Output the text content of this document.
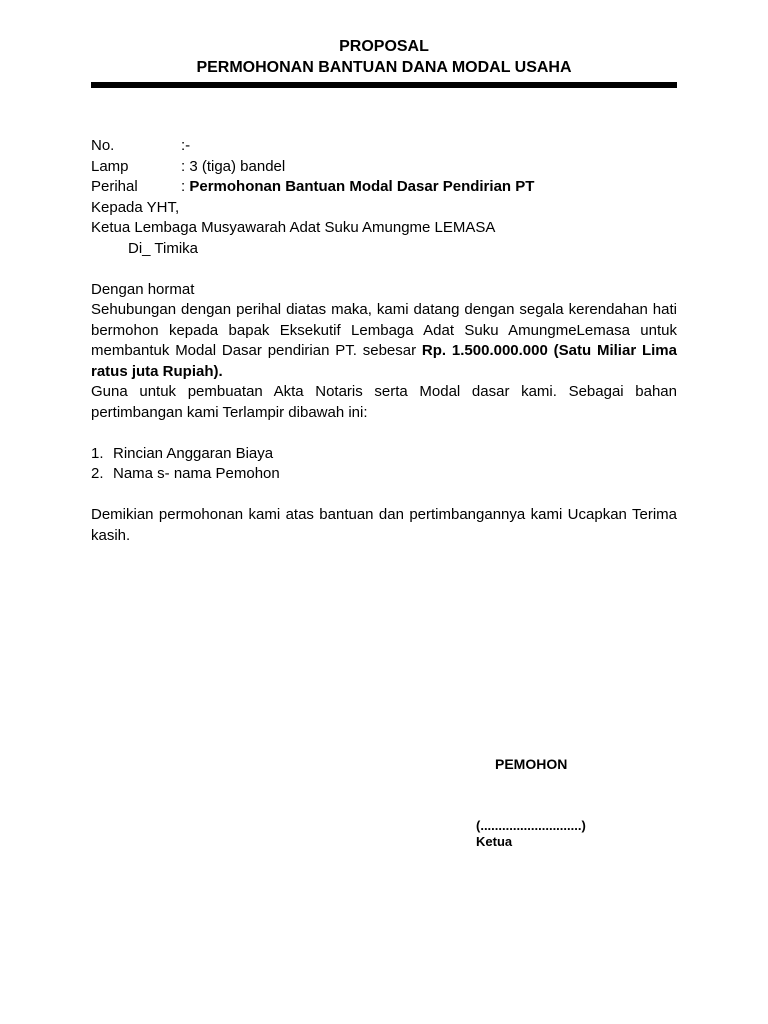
PROPOSAL
PERMOHONAN BANTUAN DANA MODAL USAHA
No.	:-
Lamp	: 3 (tiga) bandel
Perihal	: Permohonan Bantuan Modal Dasar Pendirian PT
Kepada YHT,
Ketua Lembaga Musyawarah Adat Suku Amungme LEMASA
Di_ Timika
Dengan hormat
Sehubungan dengan perihal diatas maka, kami datang dengan segala kerendahan hati bermohon kepada bapak Eksekutif Lembaga Adat Suku AmungmeLemasa untuk membantuk Modal Dasar pendirian PT. sebesar Rp. 1.500.000.000 (Satu Miliar Lima ratus juta Rupiah).
Guna untuk pembuatan Akta Notaris serta Modal dasar kami. Sebagai bahan pertimbangan kami Terlampir dibawah ini:
1. Rincian Anggaran Biaya
2. Nama s- nama Pemohon
Demikian permohonan kami atas bantuan dan pertimbangannya kami Ucapkan Terima kasih.
PEMOHON
(............................)
Ketua
